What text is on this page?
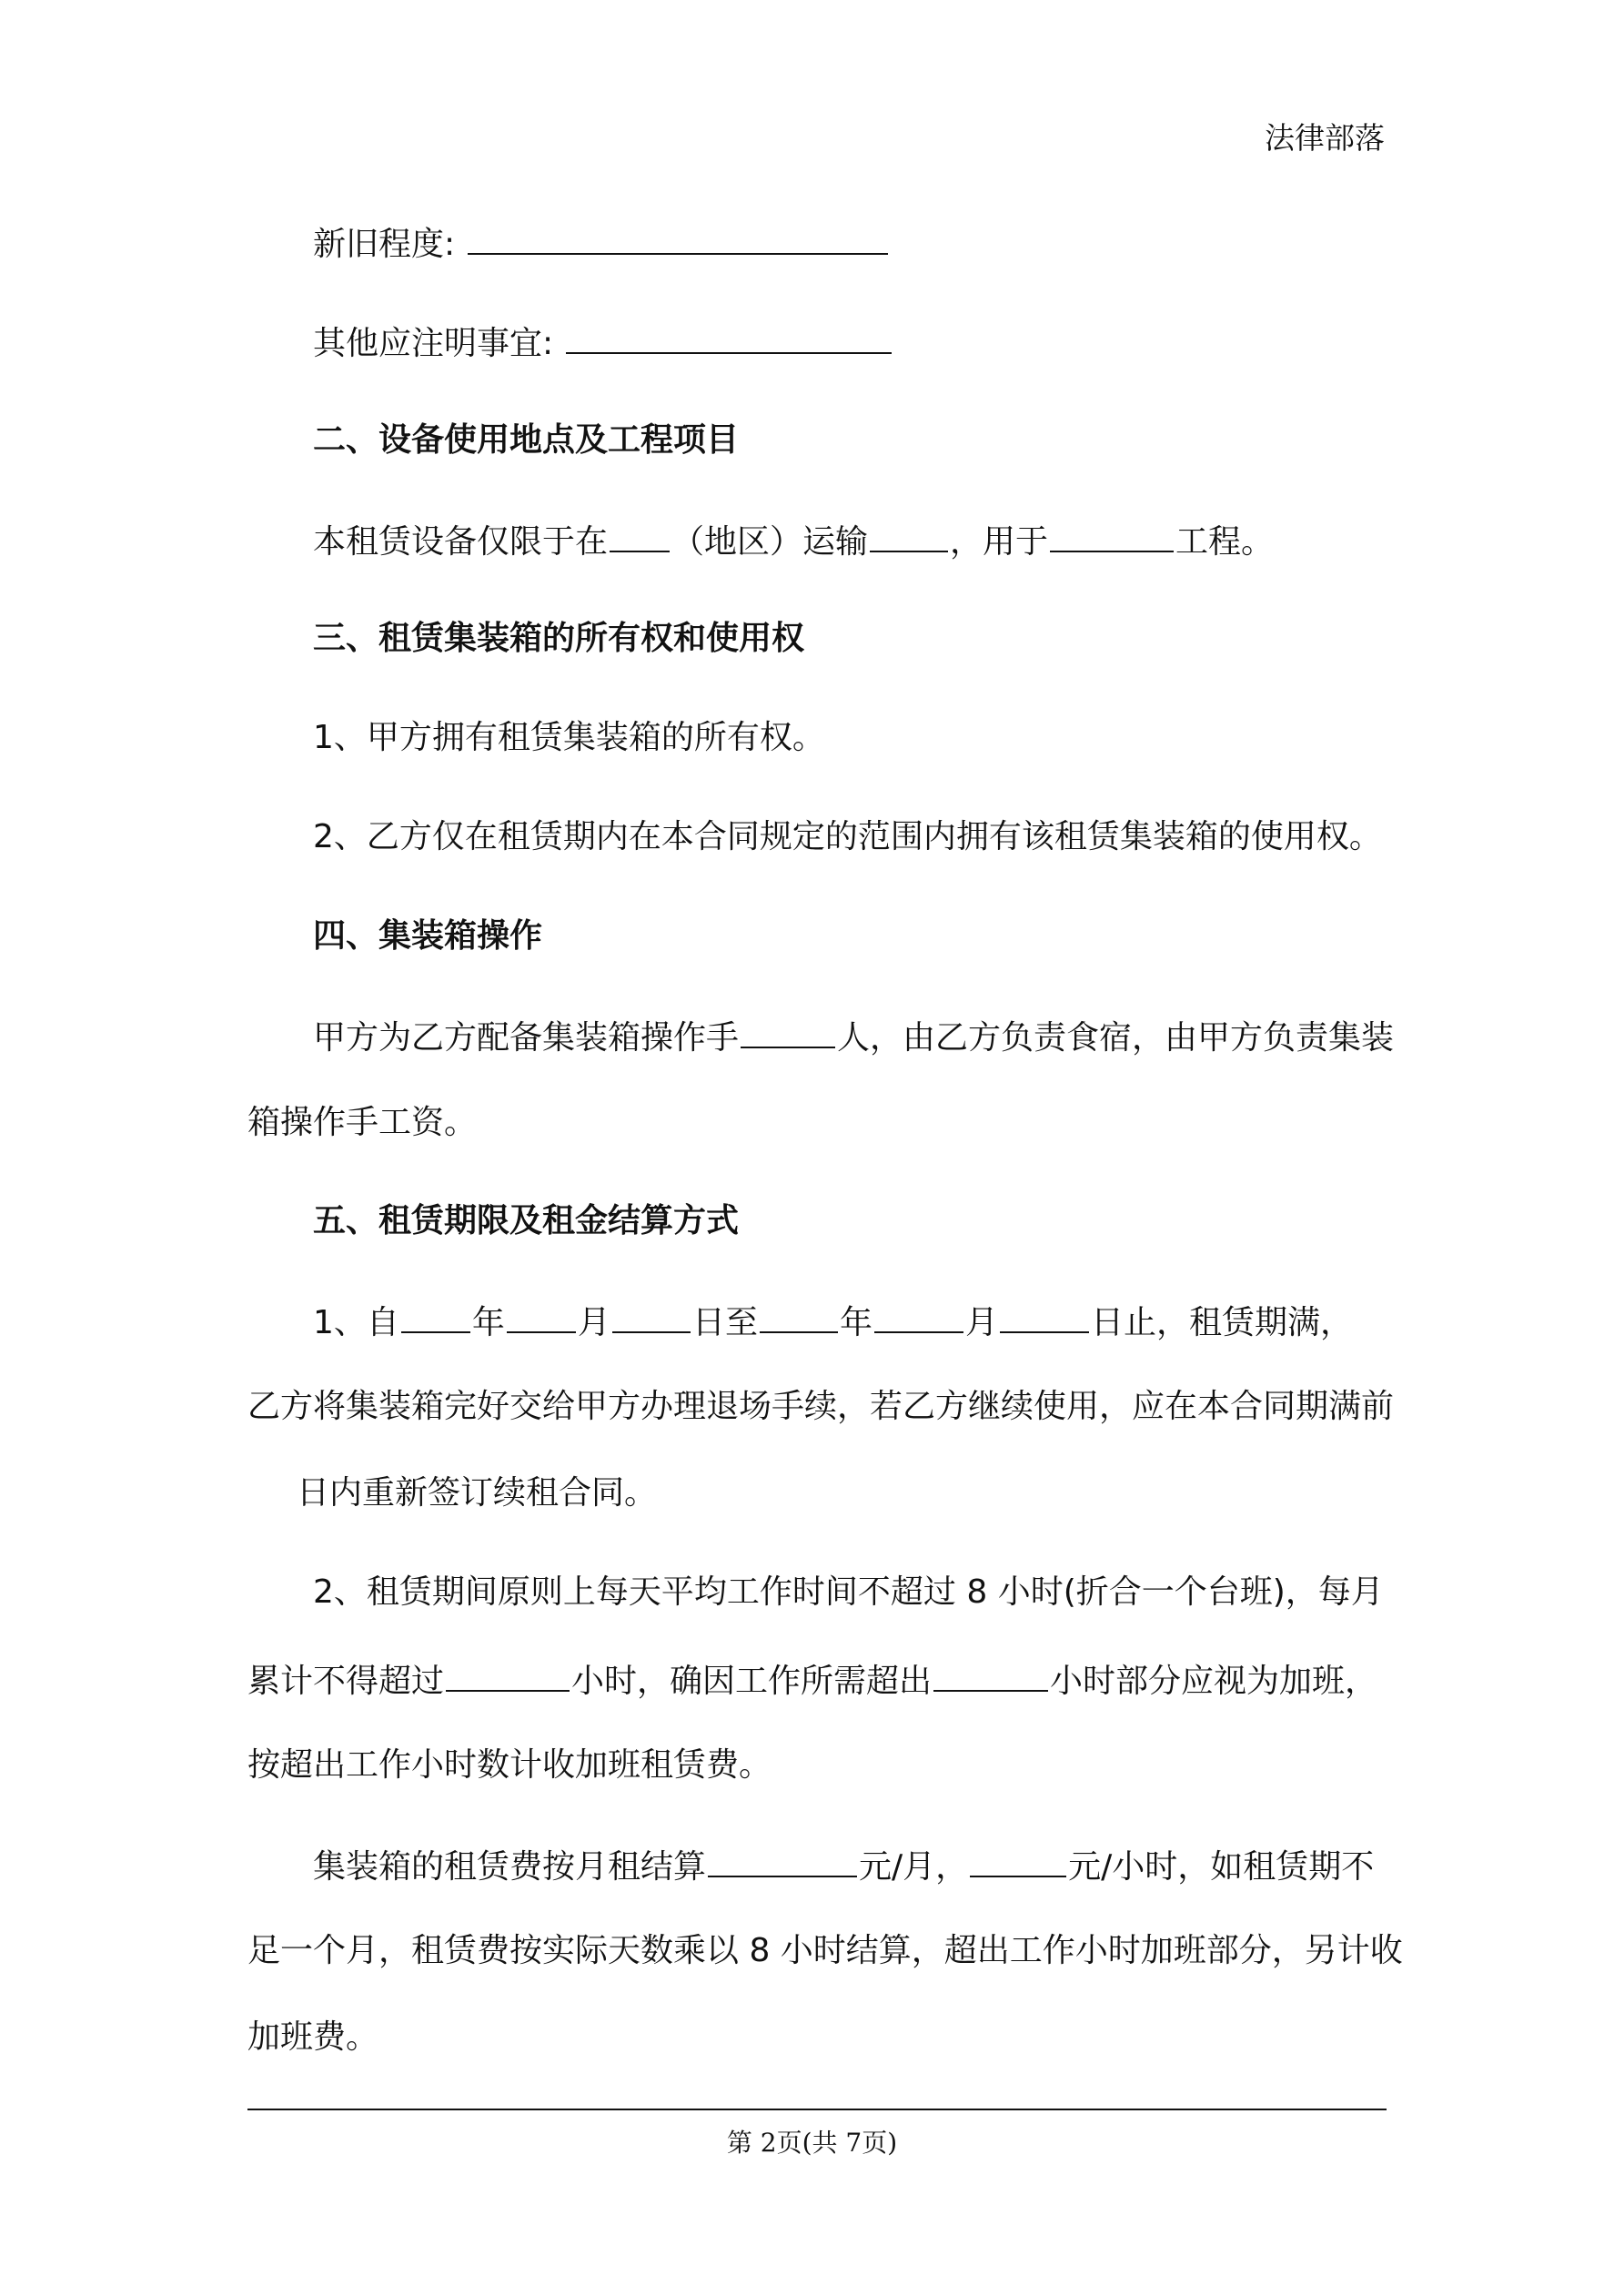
法律部落
新旧程度:
其他应注明事宜:
二、设备使用地点及工程项目
本租赁设备仅限于在 （地区）运输	，用于	工程。
三、租赁集装箱的所有权和使用权
1、甲方拥有租赁集装箱的所有权。
2、乙方仅在租赁期内在本合同规定的范围内拥有该租赁集装箱的使用权。
四、集装箱操作
甲方为乙方配备集装箱操作手	人，由乙方负责食宿，由甲方负责集装
箱操作手工资。
五、租赁期限及租金结算方式
1、自 年 月	日至	年	月	日止，租赁期满，
乙方将集装箱完好交给甲方办理退场手续，若乙方继续使用，应在本合同期满前
日内重新签订续租合同。
2、租赁期间原则上每天平均工作时间不超过 8 小时(折合一个台班)，每月
累计不得超过	小时，确因工作所需超出	小时部分应视为加班，
按超出工作小时数计收加班租赁费。
集装箱的租赁费按月租结算	元/月，	元/小时，如租赁期不
足一个月，租赁费按实际天数乘以 8 小时结算，超出工作小时加班部分，另计收
加班费。
第 2页(共 7页)
